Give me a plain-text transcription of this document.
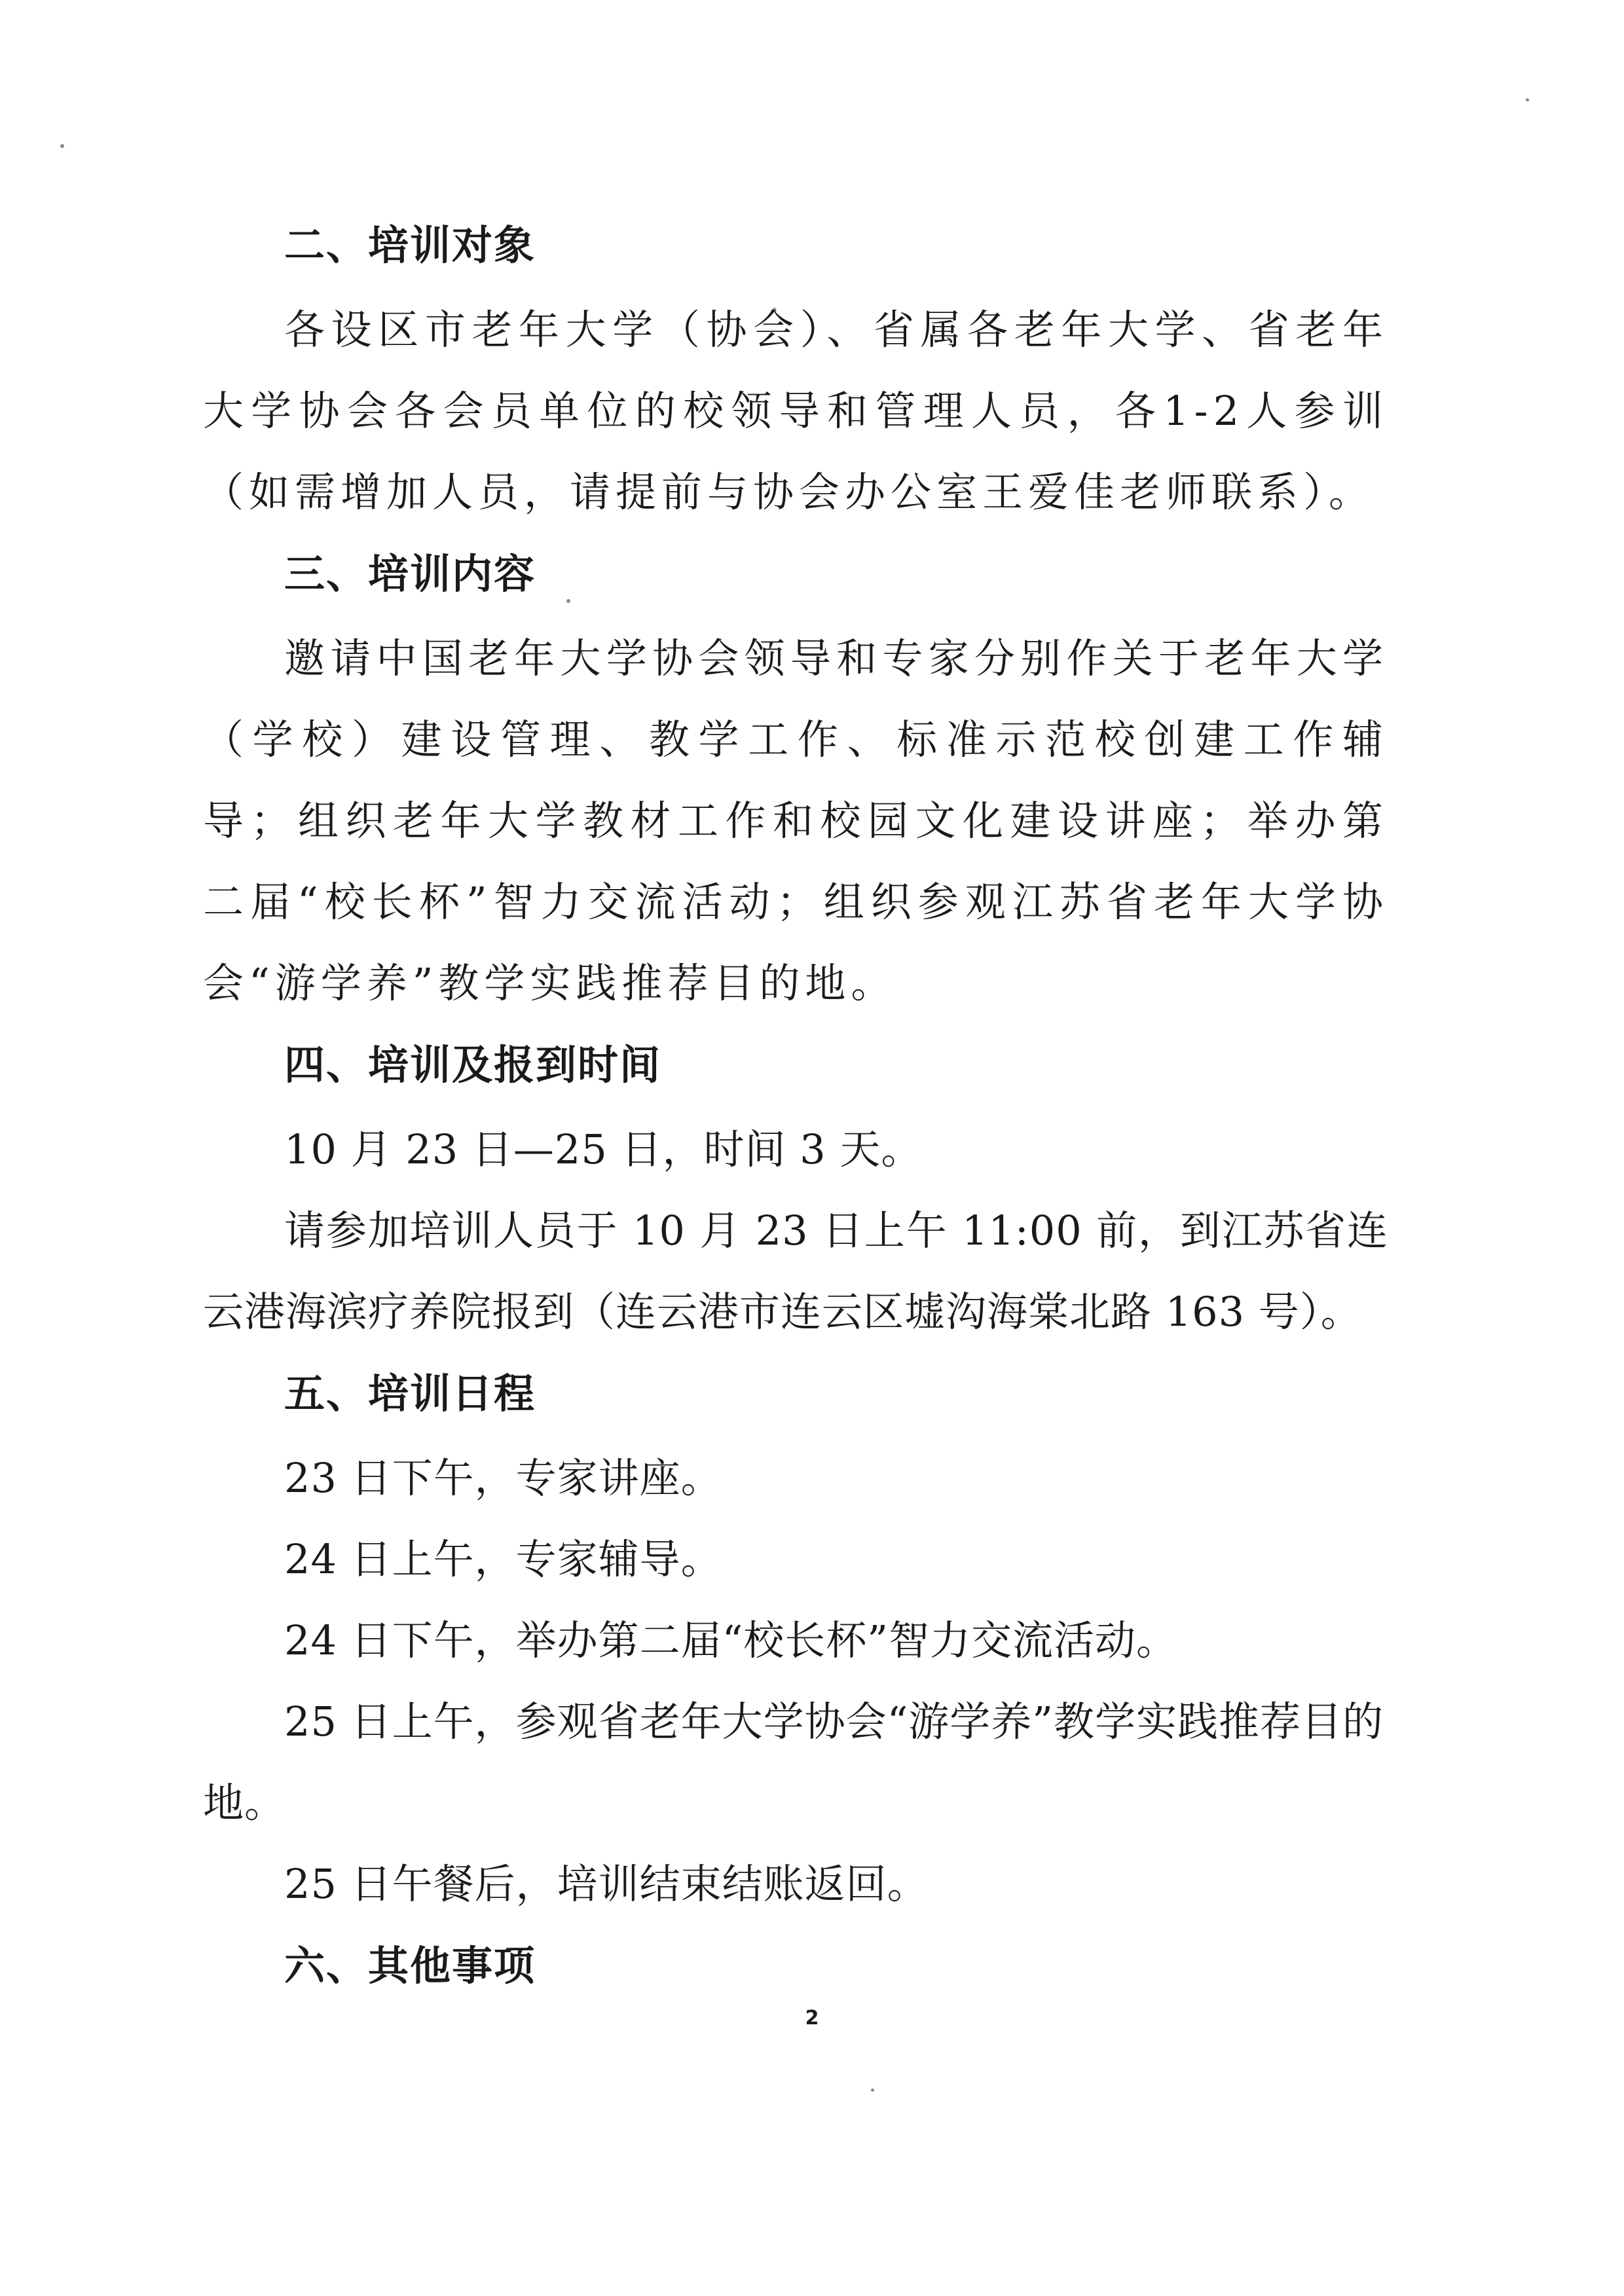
二、培训对象

各设区市老年大学（协会）、省属各老年大学、省老年大学协会各会员单位的校领导和管理人员，各1-2人参训（如需增加人员，请提前与协会办公室王爱佳老师联系）。

三、培训内容

邀请中国老年大学协会领导和专家分别作关于老年大学（学校）建设管理、教学工作、标准示范校创建工作辅导；组织老年大学教材工作和校园文化建设讲座；举办第二届“校长杯”智力交流活动；组织参观江苏省老年大学协会“游学养”教学实践推荐目的地。

四、培训及报到时间

10 月 23 日—25 日，时间 3 天。

请参加培训人员于 10 月 23 日上午 11:00 前，到江苏省连云港海滨疗养院报到（连云港市连云区墟沟海棠北路 163 号）。

五、培训日程

23 日下午，专家讲座。

24 日上午，专家辅导。

24 日下午，举办第二届“校长杯”智力交流活动。

25 日上午，参观省老年大学协会“游学养”教学实践推荐目的地。

25 日午餐后，培训结束结账返回。

六、其他事项
2
